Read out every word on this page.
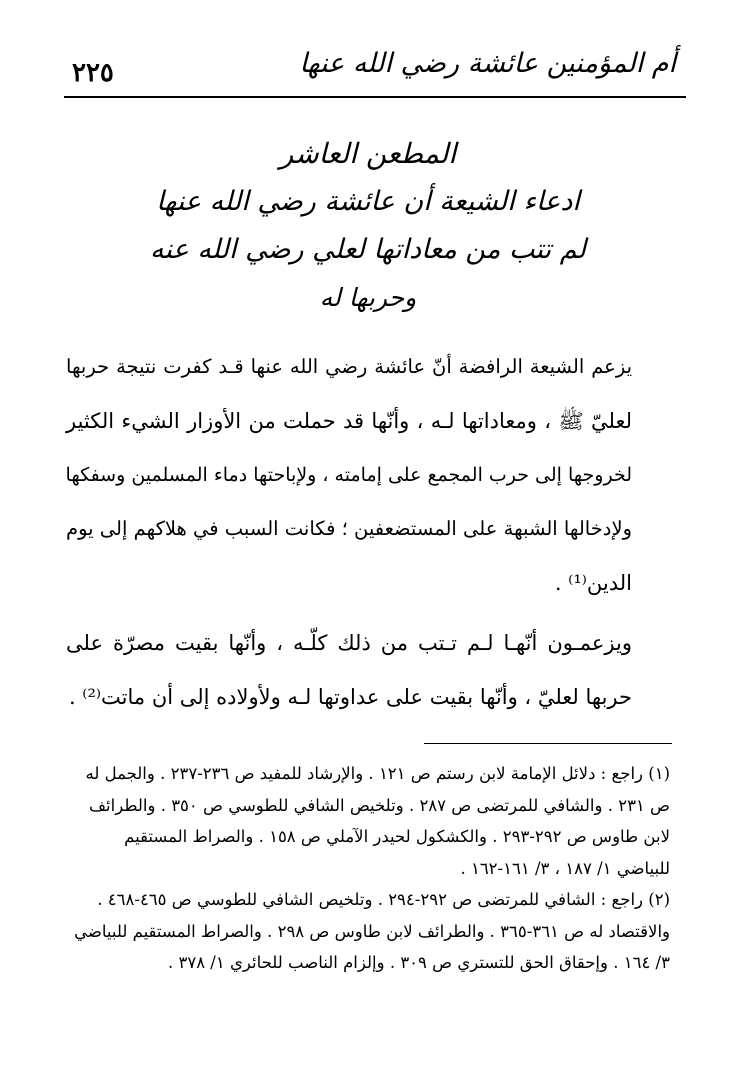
٢٢٥	أم المؤمنين عائشة رضي الله عنها
المطعن العاشر
ادعاء الشيعة أن عائشة رضي الله عنها
لم تتب من معاداتها لعلي رضي الله عنه
وحربها له

يزعم الشيعة الرافضة أنّ عائشة رضي الله عنها قـد كفرت نتيجة حربها
لعليّ ﷺ ، ومعاداتها لـه ، وأنّها قد حملت من الأوزار الشيء الكثير
لخروجها إلى حرب المجمع على إمامته ، ولإباحتها دماء المسلمين وسفكها
ولإدخالها الشبهة على المستضعفين ؛ فكانت السبب في هلاكهم إلى يوم
الدين⁽¹⁾ .

ويزعمـون أنّهـا لـم تـتب من ذلك كلّـه ، وأنّها بقيت مصرّة على
حربها لعليّ ، وأنّها بقيت على عداوتها لـه ولأولاده إلى أن ماتت⁽²⁾ .

(١) راجع : دلائل الإمامة لابن رستم ص ١٢١ . والإرشاد للمفيد ص ٢٣٦-٢٣٧ . والجمل له ص ٢٣١ . والشافي للمرتضى ص ٢٨٧ . وتلخيص الشافي للطوسي ص ٣٥٠ . والطرائف لابن طاوس ص ٢٩٢-٢٩٣ . والكشكول لحيدر الآملي ص ١٥٨ . والصراط المستقيم للبياضي ١/ ١٨٧ ، ٣/ ١٦١-١٦٢ .

(٢) راجع : الشافي للمرتضى ص ٢٩٢-٢٩٤ . وتلخيص الشافي للطوسي ص ٤٦٥-٤٦٨ . والاقتصاد له ص ٣٦١-٣٦٥ . والطرائف لابن طاوس ص ٢٩٨ . والصراط المستقيم للبياضي ٣/ ١٦٤ . وإحقاق الحق للتستري ص ٣٠٩ . وإلزام الناصب للحائري ١/ ٣٧٨ .
